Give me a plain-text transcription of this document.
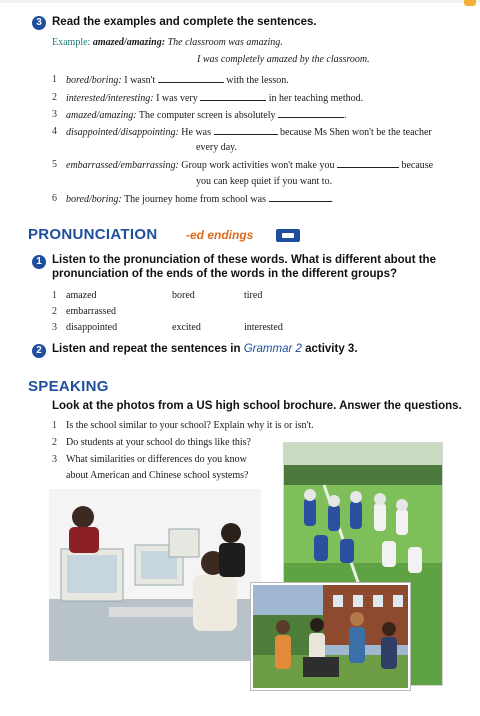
3 Read the examples and complete the sentences.
Example: amazed/amazing: The classroom was amazing.
I was completely amazed by the classroom.
1 bored/boring: I wasn't	with the lesson.
2 interested/interesting: I was very	in her teaching method.
3 amazed/amazing: The computer screen is absolutely	.
4 disappointed/disappointing: He was	because Ms Shen won't be the teacher
every day.
5 embarrassed/embarrassing: Group work activities won't make you	because
you can keep quiet if you want to.
6 bored/boring: The journey home from school was	.
PRONUNCIATION -ed endings
1 Listen to the pronunciation of these words. What is different about the
pronunciation of the ends of the words in the different groups?
1 amazed	bored	tired
2 embarrassed
3 disappointed	excited	interested
2 Listen and repeat the sentences in Grammar 2 activity 3.
SPEAKING
Look at the photos from a US high school brochure. Answer the questions.
1 Is the school similar to your school? Explain why it is or isn't.
2 Do students at your school do things like this?
3 What similarities or differences do you know
about American and Chinese school systems?
